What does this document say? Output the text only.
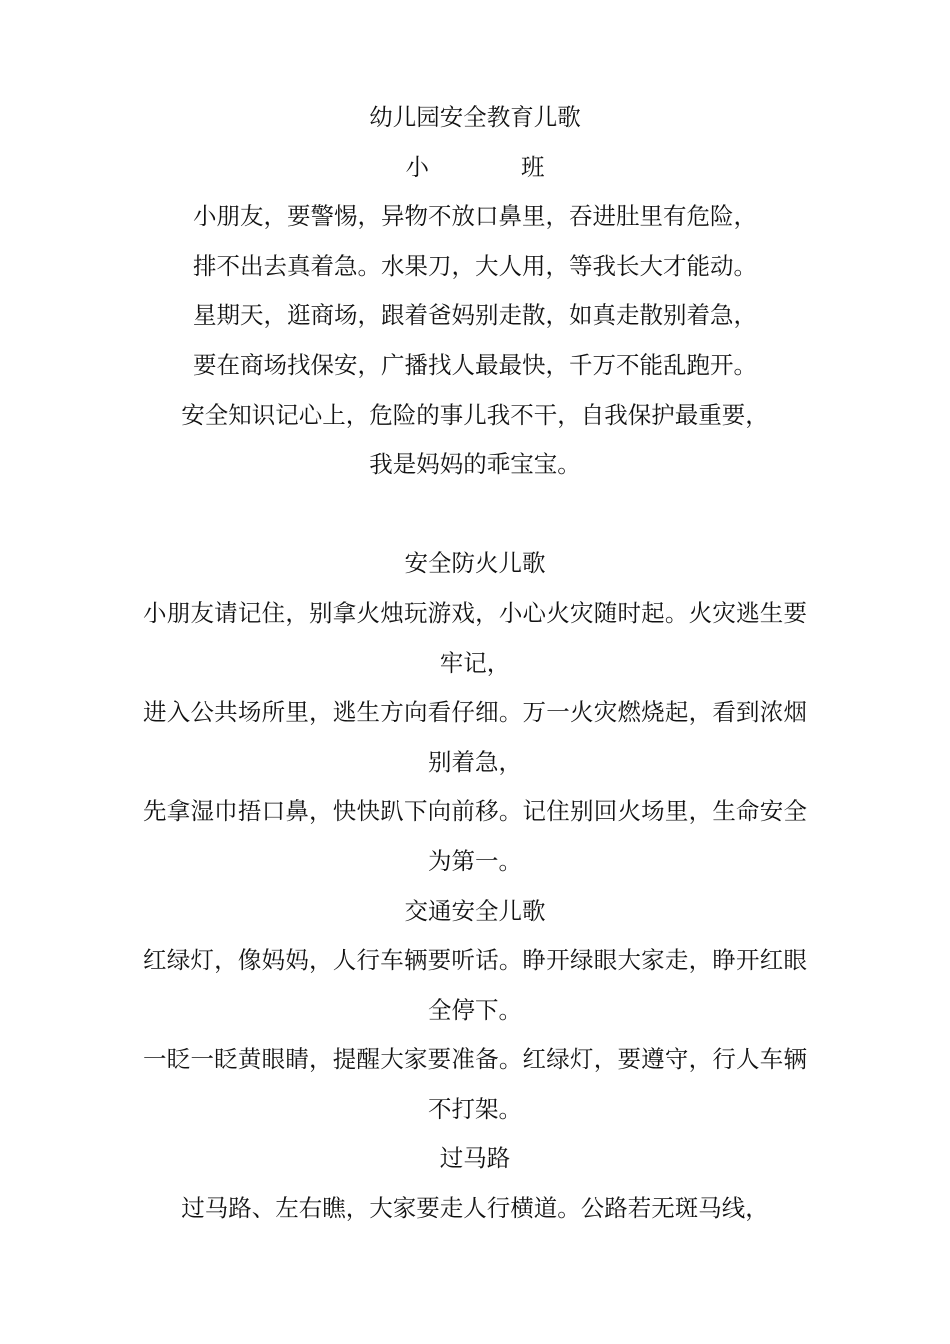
幼儿园安全教育儿歌

小	班

小朋友，要警惕，异物不放口鼻里，吞进肚里有危险，

排不出去真着急。水果刀，大人用，等我长大才能动。

星期天，逛商场，跟着爸妈别走散，如真走散别着急，

要在商场找保安，广播找人最最快，千万不能乱跑开。

安全知识记心上，危险的事儿我不干，自我保护最重要，

我是妈妈的乖宝宝。

安全防火儿歌

小朋友请记住，别拿火烛玩游戏，小心火灾随时起。火灾逃生要牢记，

进入公共场所里，逃生方向看仔细。万一火灾燃烧起，看到浓烟别着急，

先拿湿巾捂口鼻，快快趴下向前移。记住别回火场里，生命安全为第一。

交通安全儿歌

红绿灯，像妈妈，人行车辆要听话。睁开绿眼大家走，睁开红眼全停下。

一眨一眨黄眼睛，提醒大家要准备。红绿灯，要遵守，行人车辆不打架。

过马路

过马路、左右瞧，大家要走人行横道。公路若无斑马线，
